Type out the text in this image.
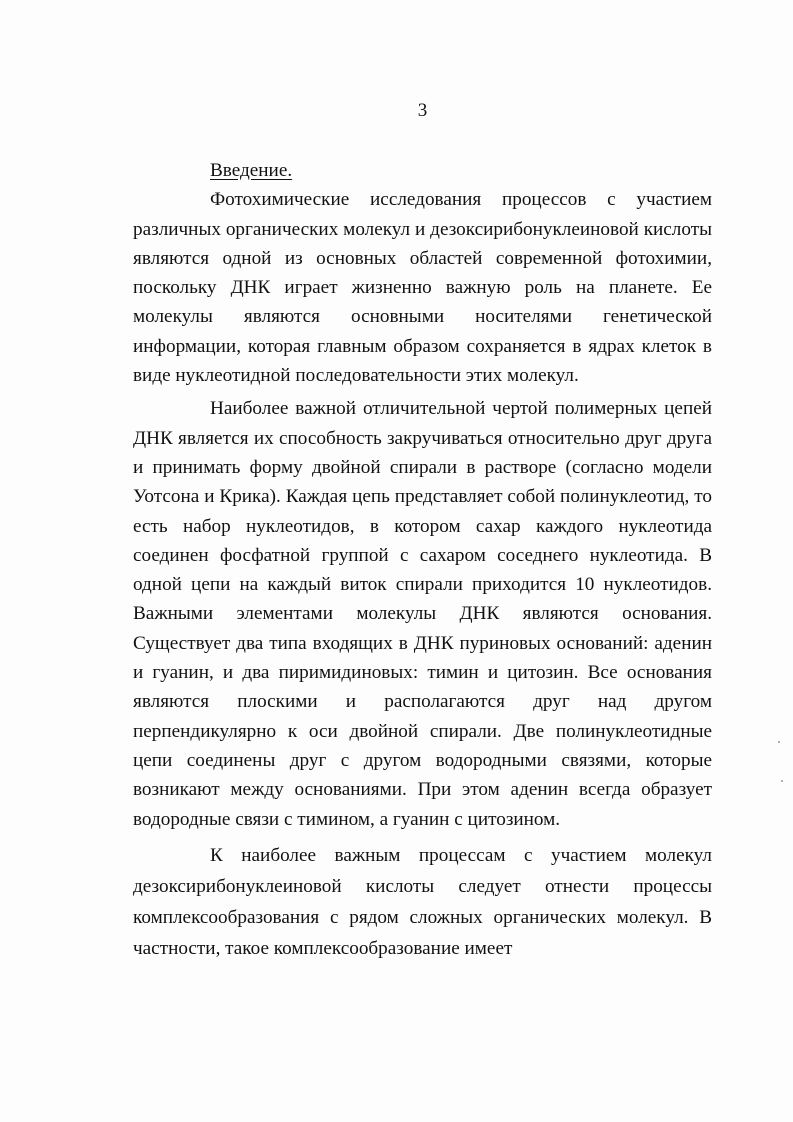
3

Введение.

Фотохимические исследования процессов с участием различных органических молекул и дезоксирибонуклеиновой кислоты являются одной из основных областей современной фотохимии, поскольку ДНК играет жизненно важную роль на планете. Ее молекулы являются основными носителями генетической информации, которая главным образом сохраняется в ядрах клеток в виде нуклеотидной последовательности этих молекул.

Наиболее важной отличительной чертой полимерных цепей ДНК является их способность закручиваться относительно друг друга и принимать форму двойной спирали в растворе (согласно модели Уотсона и Крика). Каждая цепь представляет собой полинуклеотид, то есть набор нуклеотидов, в котором сахар каждого нуклеотида соединен фосфатной группой с сахаром соседнего нуклеотида. В одной цепи на каждый виток спирали приходится 10 нуклеотидов. Важными элементами молекулы ДНК являются основания. Существует два типа входящих в ДНК пуриновых оснований: аденин и гуанин, и два пиримидиновых: тимин и цитозин. Все основания являются плоскими и располагаются друг над другом перпендикулярно к оси двойной спирали. Две полинуклеотидные цепи соединены друг с другом водородными связями, которые возникают между основаниями. При этом аденин всегда образует водородные связи с тимином, а гуанин с цитозином.

К наиболее важным процессам с участием молекул дезоксирибонуклеиновой кислоты следует отнести процессы комплексообразования с рядом сложных органических молекул. В частности, такое комплексообразование имеет
